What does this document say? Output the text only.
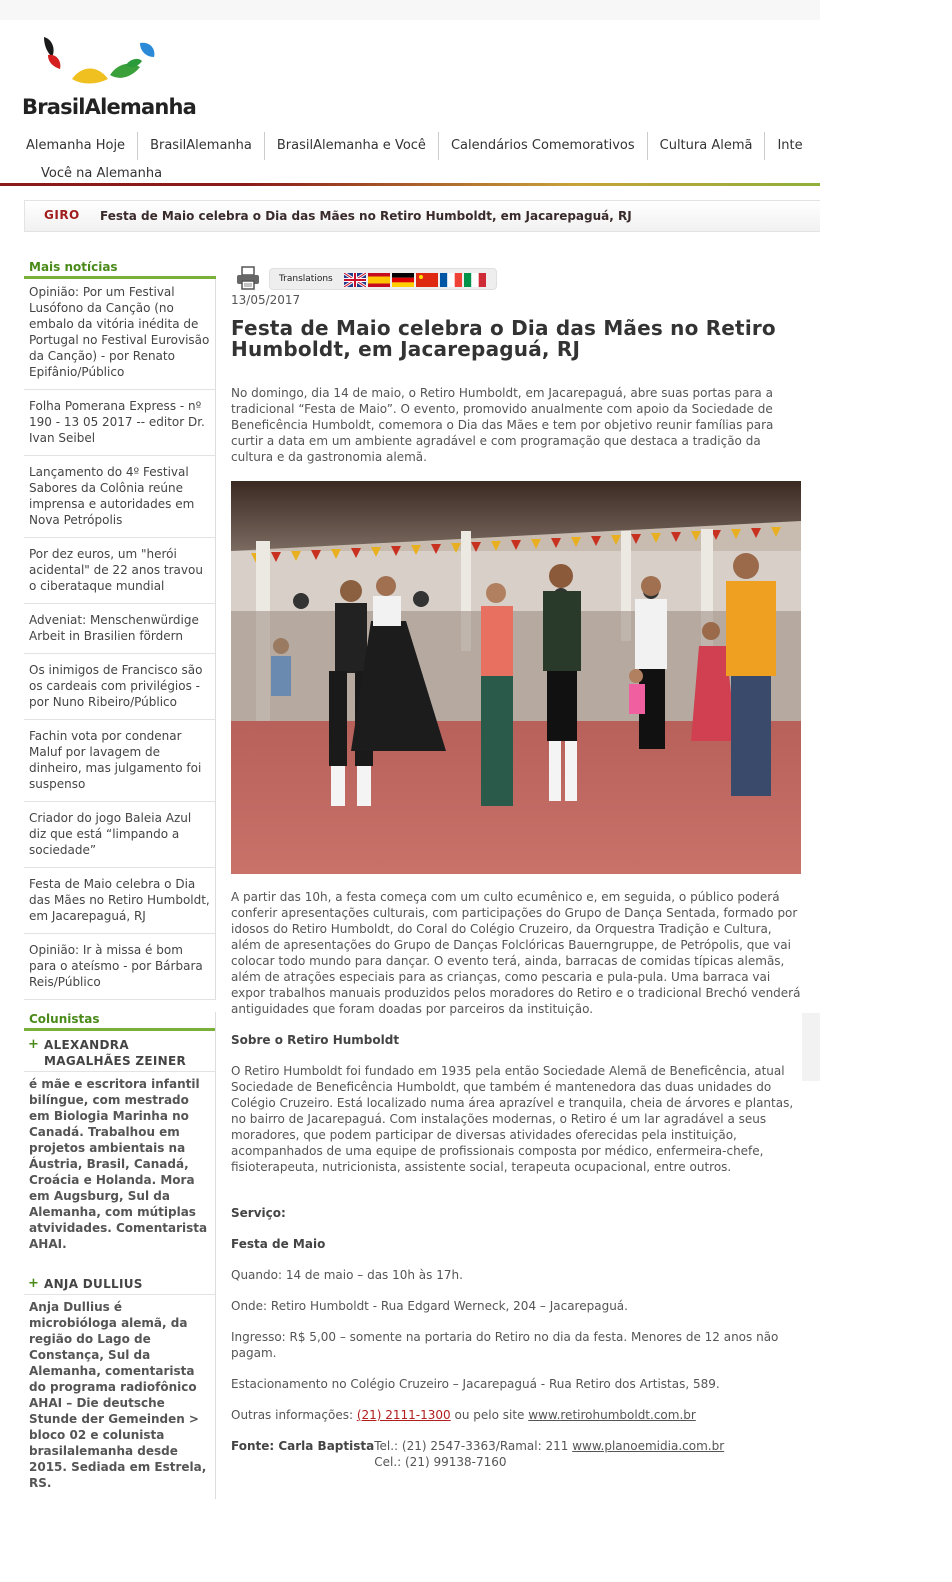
BrasilAlemanha
Alemanha Hoje	BrasilAlemanha	BrasilAlemanha e Você	Calendários Comemorativos	Cultura Alemã	Inte
Você na Alemanha
GIRO Festa de Maio celebra o Dia das Mães no Retiro Humboldt, em Jacarepaguá, RJ
Mais notícias
Opinião: Por um Festival Lusófono da Canção (no embalo da vitória inédita de Portugal no Festival Eurovisão da Canção) - por Renato Epifânio/Público
Folha Pomerana Express - nº 190 - 13 05 2017 -- editor Dr. Ivan Seibel
Lançamento do 4º Festival Sabores da Colônia reúne imprensa e autoridades em Nova Petrópolis
Por dez euros, um "herói acidental" de 22 anos travou o ciberataque mundial
Adveniat: Menschenwürdige Arbeit in Brasilien fördern
Os inimigos de Francisco são os cardeais com privilégios - por Nuno Ribeiro/Público
Fachin vota por condenar Maluf por lavagem de dinheiro, mas julgamento foi suspenso
Criador do jogo Baleia Azul diz que está “limpando a sociedade”
Festa de Maio celebra o Dia das Mães no Retiro Humboldt, em Jacarepaguá, RJ
Opinião: Ir à missa é bom para o ateísmo - por Bárbara Reis/Público
Colunistas
+ ALEXANDRA MAGALHÃES ZEINER
é mãe e escritora infantil bilíngue, com mestrado em Biologia Marinha no Canadá. Trabalhou em projetos ambientais na Áustria, Brasil, Canadá, Croácia e Holanda. Mora em Augsburg, Sul da Alemanha, com mútiplas atvividades. Comentarista AHAI.
+ ANJA DULLIUS
Anja Dullius é microbióloga alemã, da região do Lago de Constança, Sul da Alemanha, comentarista do programa radiofônico AHAI – Die deutsche Stunde der Gemeinden > bloco 02 e colunista brasilalemanha desde 2015. Sediada em Estrela, RS.
Translations
13/05/2017
Festa de Maio celebra o Dia das Mães no Retiro Humboldt, em Jacarepaguá, RJ

No domingo, dia 14 de maio, o Retiro Humboldt, em Jacarepaguá, abre suas portas para a tradicional “Festa de Maio”. O evento, promovido anualmente com apoio da Sociedade de Beneficência Humboldt, comemora o Dia das Mães e tem por objetivo reunir famílias para curtir a data em um ambiente agradável e com programação que destaca a tradição da cultura e da gastronomia alemã.

A partir das 10h, a festa começa com um culto ecumênico e, em seguida, o público poderá conferir apresentações culturais, com participações do Grupo de Dança Sentada, formado por idosos do Retiro Humboldt, do Coral do Colégio Cruzeiro, da Orquestra Tradição e Cultura, além de apresentações do Grupo de Danças Folclóricas Bauerngruppe, de Petrópolis, que vai colocar todo mundo para dançar. O evento terá, ainda, barracas de comidas típicas alemãs, além de atrações especiais para as crianças, como pescaria e pula-pula. Uma barraca vai expor trabalhos manuais produzidos pelos moradores do Retiro e o tradicional Brechó venderá antiguidades que foram doadas por parceiros da instituição.

Sobre o Retiro Humboldt

O Retiro Humboldt foi fundado em 1935 pela então Sociedade Alemã de Beneficência, atual Sociedade de Beneficência Humboldt, que também é mantenedora das duas unidades do Colégio Cruzeiro. Está localizado numa área aprazível e tranquila, cheia de árvores e plantas, no bairro de Jacarepaguá. Com instalações modernas, o Retiro é um lar agradável a seus moradores, que podem participar de diversas atividades oferecidas pela instituição, acompanhados de uma equipe de profissionais composta por médico, enfermeira-chefe, fisioterapeuta, nutricionista, assistente social, terapeuta ocupacional, entre outros.

Serviço:
Festa de Maio

Quando: 14 de maio – das 10h às 17h.

Onde: Retiro Humboldt - Rua Edgard Werneck, 204 – Jacarepaguá.

Ingresso: R$ 5,00 – somente na portaria do Retiro no dia da festa. Menores de 12 anos não pagam.

Estacionamento no Colégio Cruzeiro – Jacarepaguá - Rua Retiro dos Artistas, 589.

Outras informações: (21) 2111-1300 ou pelo site www.retirohumboldt.com.br

Fonte: Carla Baptista Tel.: (21) 2547-3363/Ramal: 211 www.planoemidia.com.br
Cel.: (21) 99138-7160
